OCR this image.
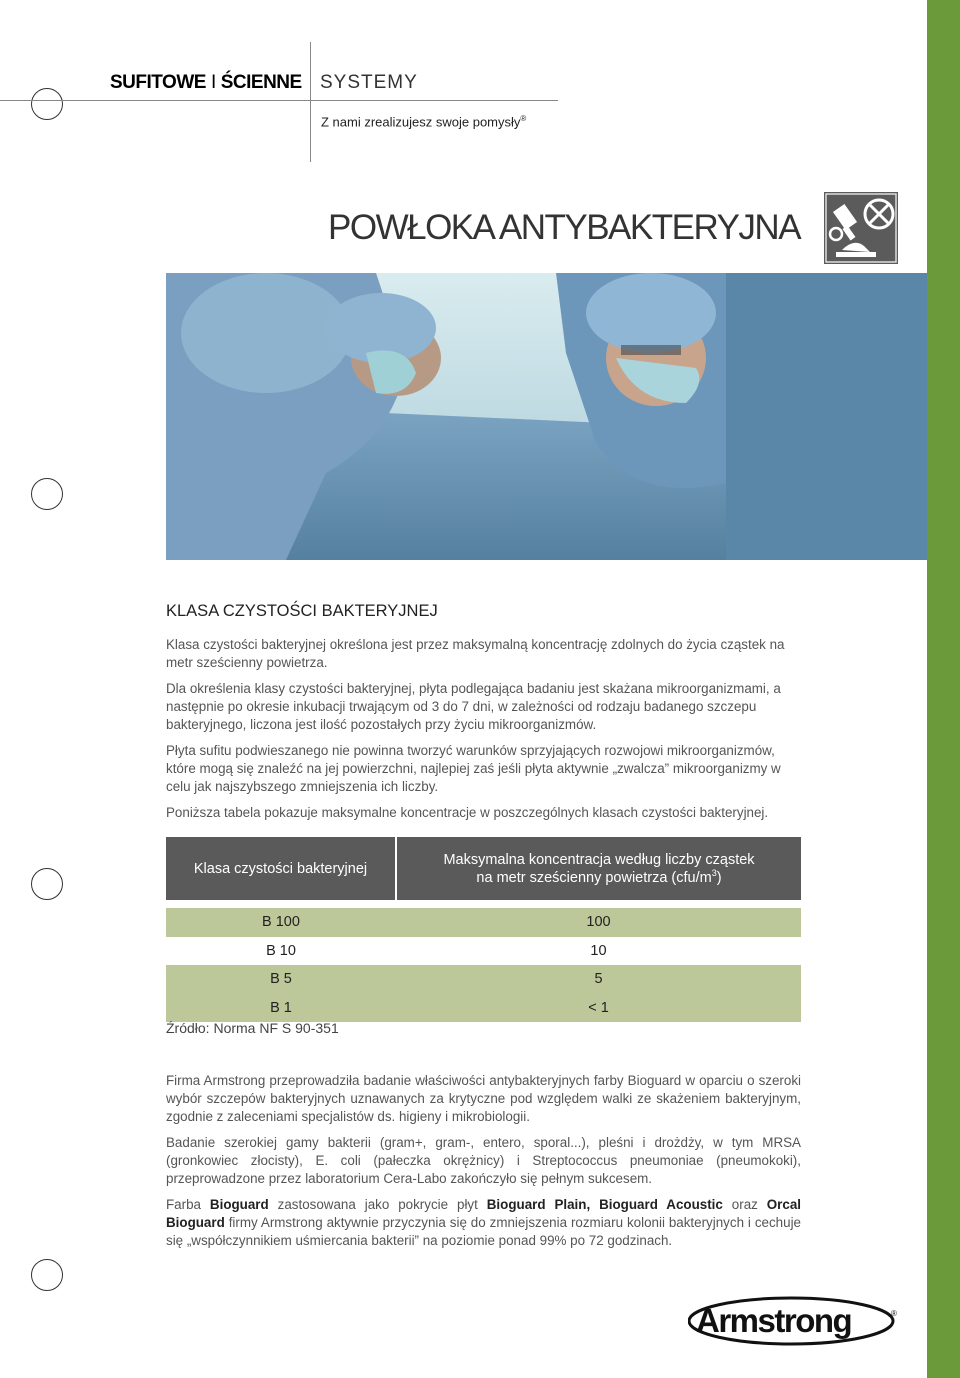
SUFITOWE I ŚCIENNE SYSTEMY
Z nami zrealizujesz swoje pomysły®
POWŁOKA ANTYBAKTERYJNA
KLASA CZYSTOŚCI BAKTERYJNEJ

Klasa czystości bakteryjnej określona jest przez maksymalną koncentrację zdolnych do życia cząstek na metr sześcienny powietrza.

Dla określenia klasy czystości bakteryjnej, płyta podlegająca badaniu jest skażana mikroorganizmami, a następnie po okresie inkubacji trwającym od 3 do 7 dni, w zależności od rodzaju badanego szczepu bakteryjnego, liczona jest ilość pozostałych przy życiu mikroorganizmów.

Płyta sufitu podwieszanego nie powinna tworzyć warunków sprzyjających rozwojowi mikroorganizmów, które mogą się znaleźć na jej powierzchni, najlepiej zaś jeśli płyta aktywnie „zwalcza” mikroorganizmy w celu jak najszybszego zmniejszenia ich liczby.

Poniższa tabela pokazuje maksymalne koncentracje w poszczególnych klasach czystości bakteryjnej.

Klasa czystości bakteryjnej	Maksymalna koncentracja według liczby cząstek
na metr sześcienny powietrza $(cfu/m^3)$

B 100	100
B 10	10
B 5	5
B 1	< 1
Źródło: Norma NF S 90-351

Firma Armstrong przeprowadziła badanie właściwości antybakteryjnych farby Bioguard w oparciu o szeroki wybór szczepów bakteryjnych uznawanych za krytyczne pod względem walki ze skażeniem bakteryjnym, zgodnie z zaleceniami specjalistów ds. higieny i mikrobiologii.

Badanie szerokiej gamy bakterii (gram+, gram-, entero, sporal...), pleśni i drożdży, w tym MRSA (gronkowiec złocisty), E. coli (pałeczka okrężnicy) i Streptococcus pneumoniae (pneumokoki), przeprowadzone przez laboratorium Cera-Labo zakończyło się pełnym sukcesem.

Farba Bioguard zastosowana jako pokrycie płyt Bioguard Plain, Bioguard Acoustic oraz Orcal Bioguard firmy Armstrong aktywnie przyczynia się do zmniejszenia rozmiaru kolonii bakteryjnych i cechuje się „współczynnikiem uśmiercania bakterii” na poziomie ponad 99% po 72 godzinach.

Armstrong	®
